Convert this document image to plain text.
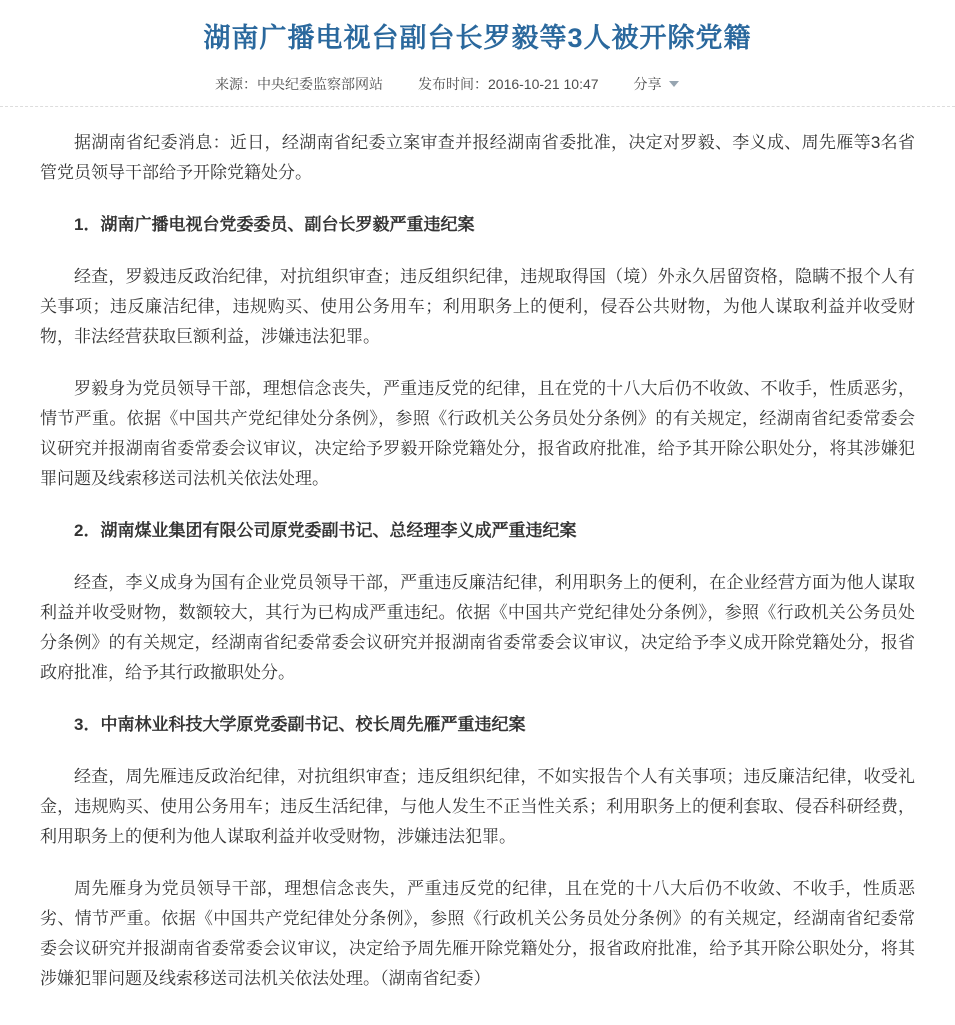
湖南广播电视台副台长罗毅等3人被开除党籍
来源：中央纪委监察部网站	发布时间：2016-10-21 10:47	分享

据湖南省纪委消息：近日，经湖南省纪委立案审查并报经湖南省委批准，决定对罗毅、李义成、周先雁等3名省管党员领导干部给予开除党籍处分。

1．湖南广播电视台党委委员、副台长罗毅严重违纪案

经查，罗毅违反政治纪律，对抗组织审查；违反组织纪律，违规取得国（境）外永久居留资格，隐瞒不报个人有关事项；违反廉洁纪律，违规购买、使用公务用车；利用职务上的便利，侵吞公共财物，为他人谋取利益并收受财物，非法经营获取巨额利益，涉嫌违法犯罪。

罗毅身为党员领导干部，理想信念丧失，严重违反党的纪律，且在党的十八大后仍不收敛、不收手，性质恶劣，情节严重。依据《中国共产党纪律处分条例》，参照《行政机关公务员处分条例》的有关规定，经湖南省纪委常委会议研究并报湖南省委常委会议审议，决定给予罗毅开除党籍处分，报省政府批准，给予其开除公职处分，将其涉嫌犯罪问题及线索移送司法机关依法处理。

2．湖南煤业集团有限公司原党委副书记、总经理李义成严重违纪案

经查，李义成身为国有企业党员领导干部，严重违反廉洁纪律，利用职务上的便利，在企业经营方面为他人谋取利益并收受财物，数额较大，其行为已构成严重违纪。依据《中国共产党纪律处分条例》，参照《行政机关公务员处分条例》的有关规定，经湖南省纪委常委会议研究并报湖南省委常委会议审议，决定给予李义成开除党籍处分，报省政府批准，给予其行政撤职处分。

3．中南林业科技大学原党委副书记、校长周先雁严重违纪案

经查，周先雁违反政治纪律，对抗组织审查；违反组织纪律，不如实报告个人有关事项；违反廉洁纪律，收受礼金，违规购买、使用公务用车；违反生活纪律，与他人发生不正当性关系；利用职务上的便利套取、侵吞科研经费，利用职务上的便利为他人谋取利益并收受财物，涉嫌违法犯罪。

周先雁身为党员领导干部，理想信念丧失，严重违反党的纪律，且在党的十八大后仍不收敛、不收手，性质恶劣、情节严重。依据《中国共产党纪律处分条例》，参照《行政机关公务员处分条例》的有关规定，经湖南省纪委常委会议研究并报湖南省委常委会议审议，决定给予周先雁开除党籍处分，报省政府批准，给予其开除公职处分，将其涉嫌犯罪问题及线索移送司法机关依法处理。（湖南省纪委）
